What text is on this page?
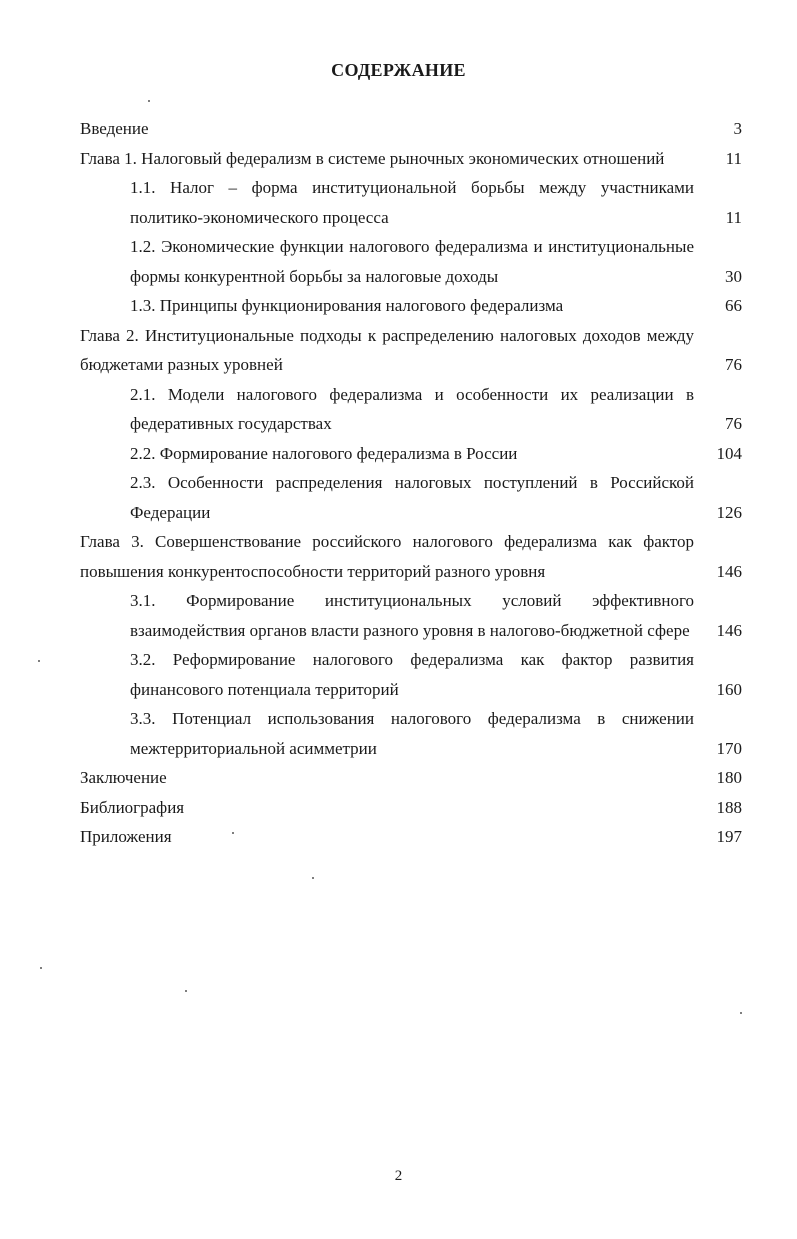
СОДЕРЖАНИЕ
Введение	3
Глава 1. Налоговый федерализм в системе рыночных экономических отношений	11
1.1. Налог – форма институциональной борьбы между участниками политико-экономического процесса	11
1.2. Экономические функции налогового федерализма и институциональные формы конкурентной борьбы за налоговые доходы	30
1.3. Принципы функционирования налогового федерализма	66
Глава 2. Институциональные подходы к распределению налоговых доходов между бюджетами разных уровней	76
2.1. Модели налогового федерализма и особенности их реализации в федеративных государствах	76
2.2. Формирование налогового федерализма в России	104
2.3. Особенности распределения налоговых поступлений в Российской Федерации	126
Глава 3. Совершенствование российского налогового федерализма как фактор повышения конкурентоспособности территорий разного уровня	146
3.1. Формирование институциональных условий эффективного взаимодействия органов власти разного уровня в налогово-бюджетной сфере	146
3.2. Реформирование налогового федерализма как фактор развития финансового потенциала территорий	160
3.3. Потенциал использования налогового федерализма в снижении межтерриториальной асимметрии	170
Заключение	180
Библиография	188
Приложения	197
2
